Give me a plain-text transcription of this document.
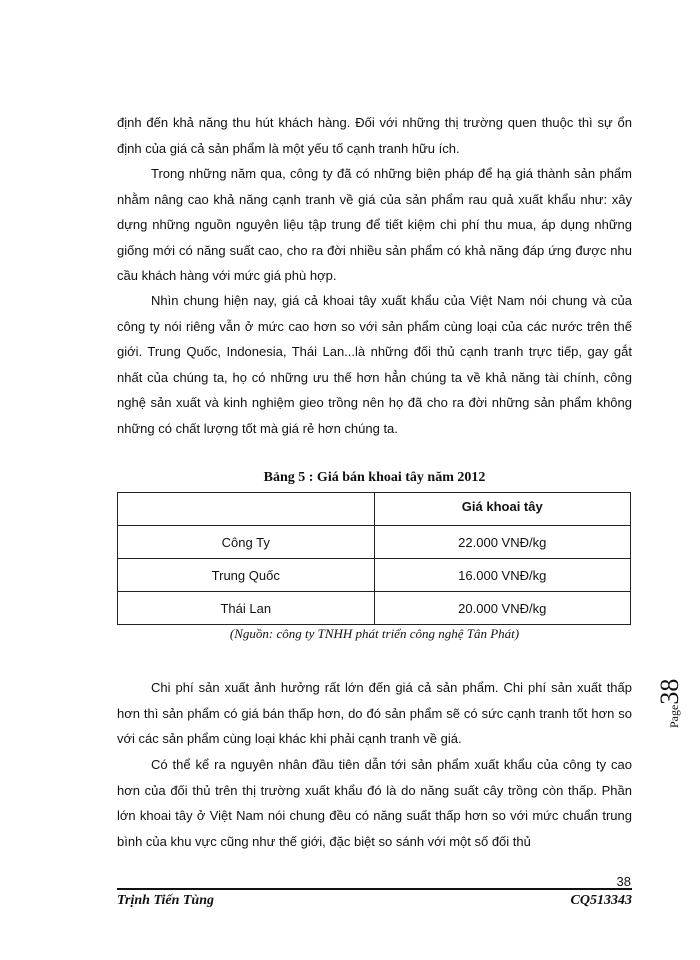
định đến khả năng thu hút khách hàng. Đối với những thị trường quen thuộc thì sự ổn định của giá cả sản phẩm là một yếu tố cạnh tranh hữu ích.

Trong những năm qua, công ty đã có những biện pháp để hạ giá thành sản phẩm nhằm nâng cao khả năng cạnh tranh về giá của sản phẩm rau quả xuất khẩu như: xây dựng những nguồn nguyên liệu tập trung để tiết kiệm chi phí thu mua, áp dụng những giống mới có năng suất cao, cho ra đời nhiều sản phẩm có khả năng đáp ứng được nhu cầu khách hàng với mức giá phù hợp.

Nhìn chung hiện nay, giá cả khoai tây xuất khẩu của Việt Nam nói chung và của công ty nói riêng vẫn ở mức cao hơn so với sản phẩm cùng loại của các nước trên thế giới. Trung Quốc, Indonesia, Thái Lan...là những đối thủ cạnh tranh trực tiếp, gay gắt nhất của chúng ta, họ có những ưu thế hơn hẳn chúng ta về khả năng tài chính, công nghệ sản xuất và kinh nghiệm gieo trồng nên họ đã cho ra đời những sản phẩm không những có chất lượng tốt mà giá rẻ hơn chúng ta.

Bảng 5 : Giá bán khoai tây năm 2012
	Giá khoai tây
Công Ty	22.000 VNĐ/kg
Trung Quốc	16.000 VNĐ/kg
Thái Lan	20.000 VNĐ/kg
(Nguồn: công ty TNHH phát triển công nghệ Tân Phát)

Chi phí sản xuất ảnh hưởng rất lớn đến giá cả sản phẩm. Chi phí sản xuất thấp hơn thì sản phẩm có giá bán thấp hơn, do đó sản phẩm sẽ có sức cạnh tranh tốt hơn so với các sản phẩm cùng loại khác khi phải cạnh tranh về giá.

Có thể kể ra nguyên nhân đầu tiên dẫn tới sản phẩm xuất khẩu của công ty cao hơn của đối thủ trên thị trường xuất khẩu đó là do năng suất cây trồng còn thấp. Phần lớn khoai tây ở Việt Nam nói chung đều có năng suất thấp hơn so với mức chuẩn trung bình của khu vực cũng như thế giới, đặc biệt so sánh với một số đối thủ

Page38
38
Trịnh Tiến Tùng	CQ513343
